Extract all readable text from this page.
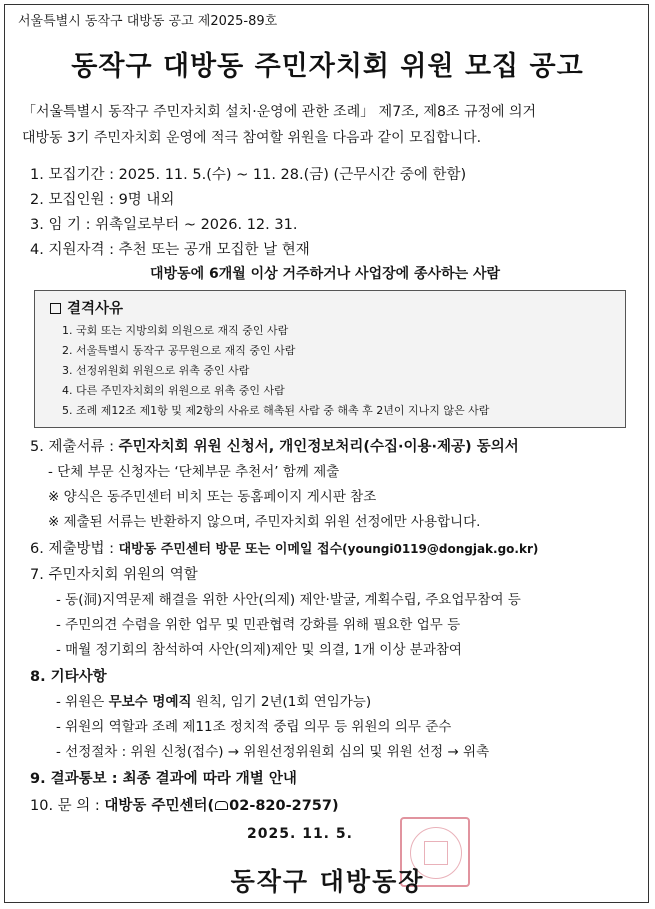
서울특별시 동작구 대방동 공고 제2025-89호
동작구 대방동 주민자치회 위원 모집 공고
「서울특별시 동작구 주민자치회 설치·운영에 관한 조례」 제7조, 제8조 규정에 의거
대방동 3기 주민자치회 운영에 적극 참여할 위원을 다음과 같이 모집합니다.
1. 모집기간 : 2025. 11. 5.(수) ~ 11. 28.(금) (근무시간 중에 한함)
2. 모집인원 : 9명 내외
3. 임 기 : 위촉일로부터 ~ 2026. 12. 31.
4. 지원자격 : 추천 또는 공개 모집한 날 현재
대방동에 6개월 이상 거주하거나 사업장에 종사하는 사람
결격사유
1. 국회 또는 지방의회 의원으로 재직 중인 사람
2. 서울특별시 동작구 공무원으로 재직 중인 사람
3. 선정위원회 위원으로 위촉 중인 사람
4. 다른 주민자치회의 위원으로 위촉 중인 사람
5. 조례 제12조 제1항 및 제2항의 사유로 해촉된 사람 중 해촉 후 2년이 지나지 않은 사람
5. 제출서류 : 주민자치회 위원 신청서, 개인정보처리(수집·이용·제공) 동의서
- 단체 부문 신청자는 ‘단체부문 추천서’ 함께 제출
※ 양식은 동주민센터 비치 또는 동홈페이지 게시판 참조
※ 제출된 서류는 반환하지 않으며, 주민자치회 위원 선정에만 사용합니다.
6. 제출방법 : 대방동 주민센터 방문 또는 이메일 접수(youngi0119@dongjak.go.kr)
7. 주민자치회 위원의 역할
- 동(洞)지역문제 해결을 위한 사안(의제) 제안·발굴, 계획수립, 주요업무참여 등
- 주민의견 수렴을 위한 업무 및 민관협력 강화를 위해 필요한 업무 등
- 매월 정기회의 참석하여 사안(의제)제안 및 의결, 1개 이상 분과참여
8. 기타사항
- 위원은 무보수 명예직 원칙, 임기 2년(1회 연임가능)
- 위원의 역할과 조례 제11조 정치적 중립 의무 등 위원의 의무 준수
- 선정절차 : 위원 신청(접수) → 위원선정위원회 심의 및 위원 선정 → 위촉
9. 결과통보 : 최종 결과에 따라 개별 안내
10. 문 의 : 대방동 주민센터( 02-820-2757)
2025. 11. 5.
동작구 대방동장
